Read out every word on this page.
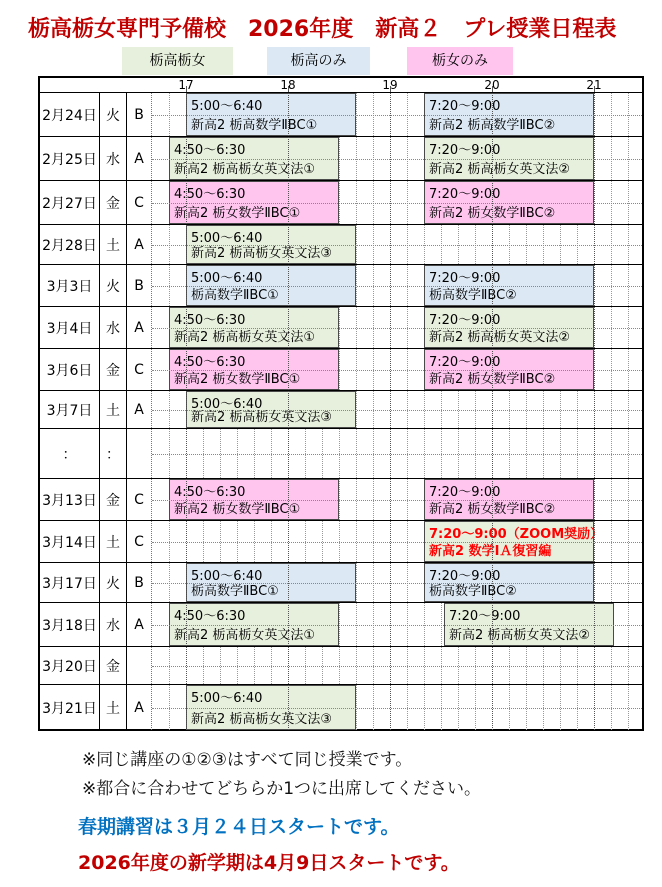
栃高栃女専門予備校　2026年度　新高２　プレ授業日程表
栃高栃女	栃高のみ	栃女のみ
17	18	19	20	21
2月24日 火	B	5:00～6:40
新高2 栃高数学ⅡBC①
7:20～9:00
新高2 栃高数学ⅡBC②
2月25日 水	A	4:50～6:30
新高2 栃高栃女英文法①
7:20～9:00
新高2 栃高栃女英文法②
2月27日 金	C	4:50～6:30
新高2 栃女数学ⅡBC①
7:20～9:00
新高2 栃女数学ⅡBC②
2月28日 土	A	5:00～6:40
新高2 栃高栃女英文法③
3月3日 火	B	5:00～6:40
栃高数学ⅡBC①
7:20～9:00
栃高数学ⅡBC②
3月4日 水	A	4:50～6:30
新高2 栃高栃女英文法①
7:20～9:00
新高2 栃高栃女英文法②
3月6日 金	C	4:50～6:30
新高2 栃女数学ⅡBC①
7:20～9:00
新高2 栃女数学ⅡBC②
3月7日 土	A	5:00～6:40
新高2 栃高栃女英文法③
：	：
3月13日 金	C	4:50～6:30
新高2 栃女数学ⅡBC①
7:20～9:00
新高2 栃女数学ⅡBC②
3月14日 土	C	7:20～9:00（ZOOM奨励）
新高2 数学ⅠＡ復習編
3月17日 火	B	5:00～6:40
栃高数学ⅡBC①
7:20～9:00
栃高数学ⅡBC②
3月18日 水	A	4:50～6:30
新高2 栃高栃女英文法①
7:20～9:00
新高2 栃高栃女英文法②
3月20日 金
3月21日 土	A
5:00～6:40
新高2 栃高栃女英文法③
※同じ講座の①②③はすべて同じ授業です。
※都合に合わせてどちらか1つに出席してください。
春期講習は３月２４日スタートです。
2026年度の新学期は4月9日スタートです。
